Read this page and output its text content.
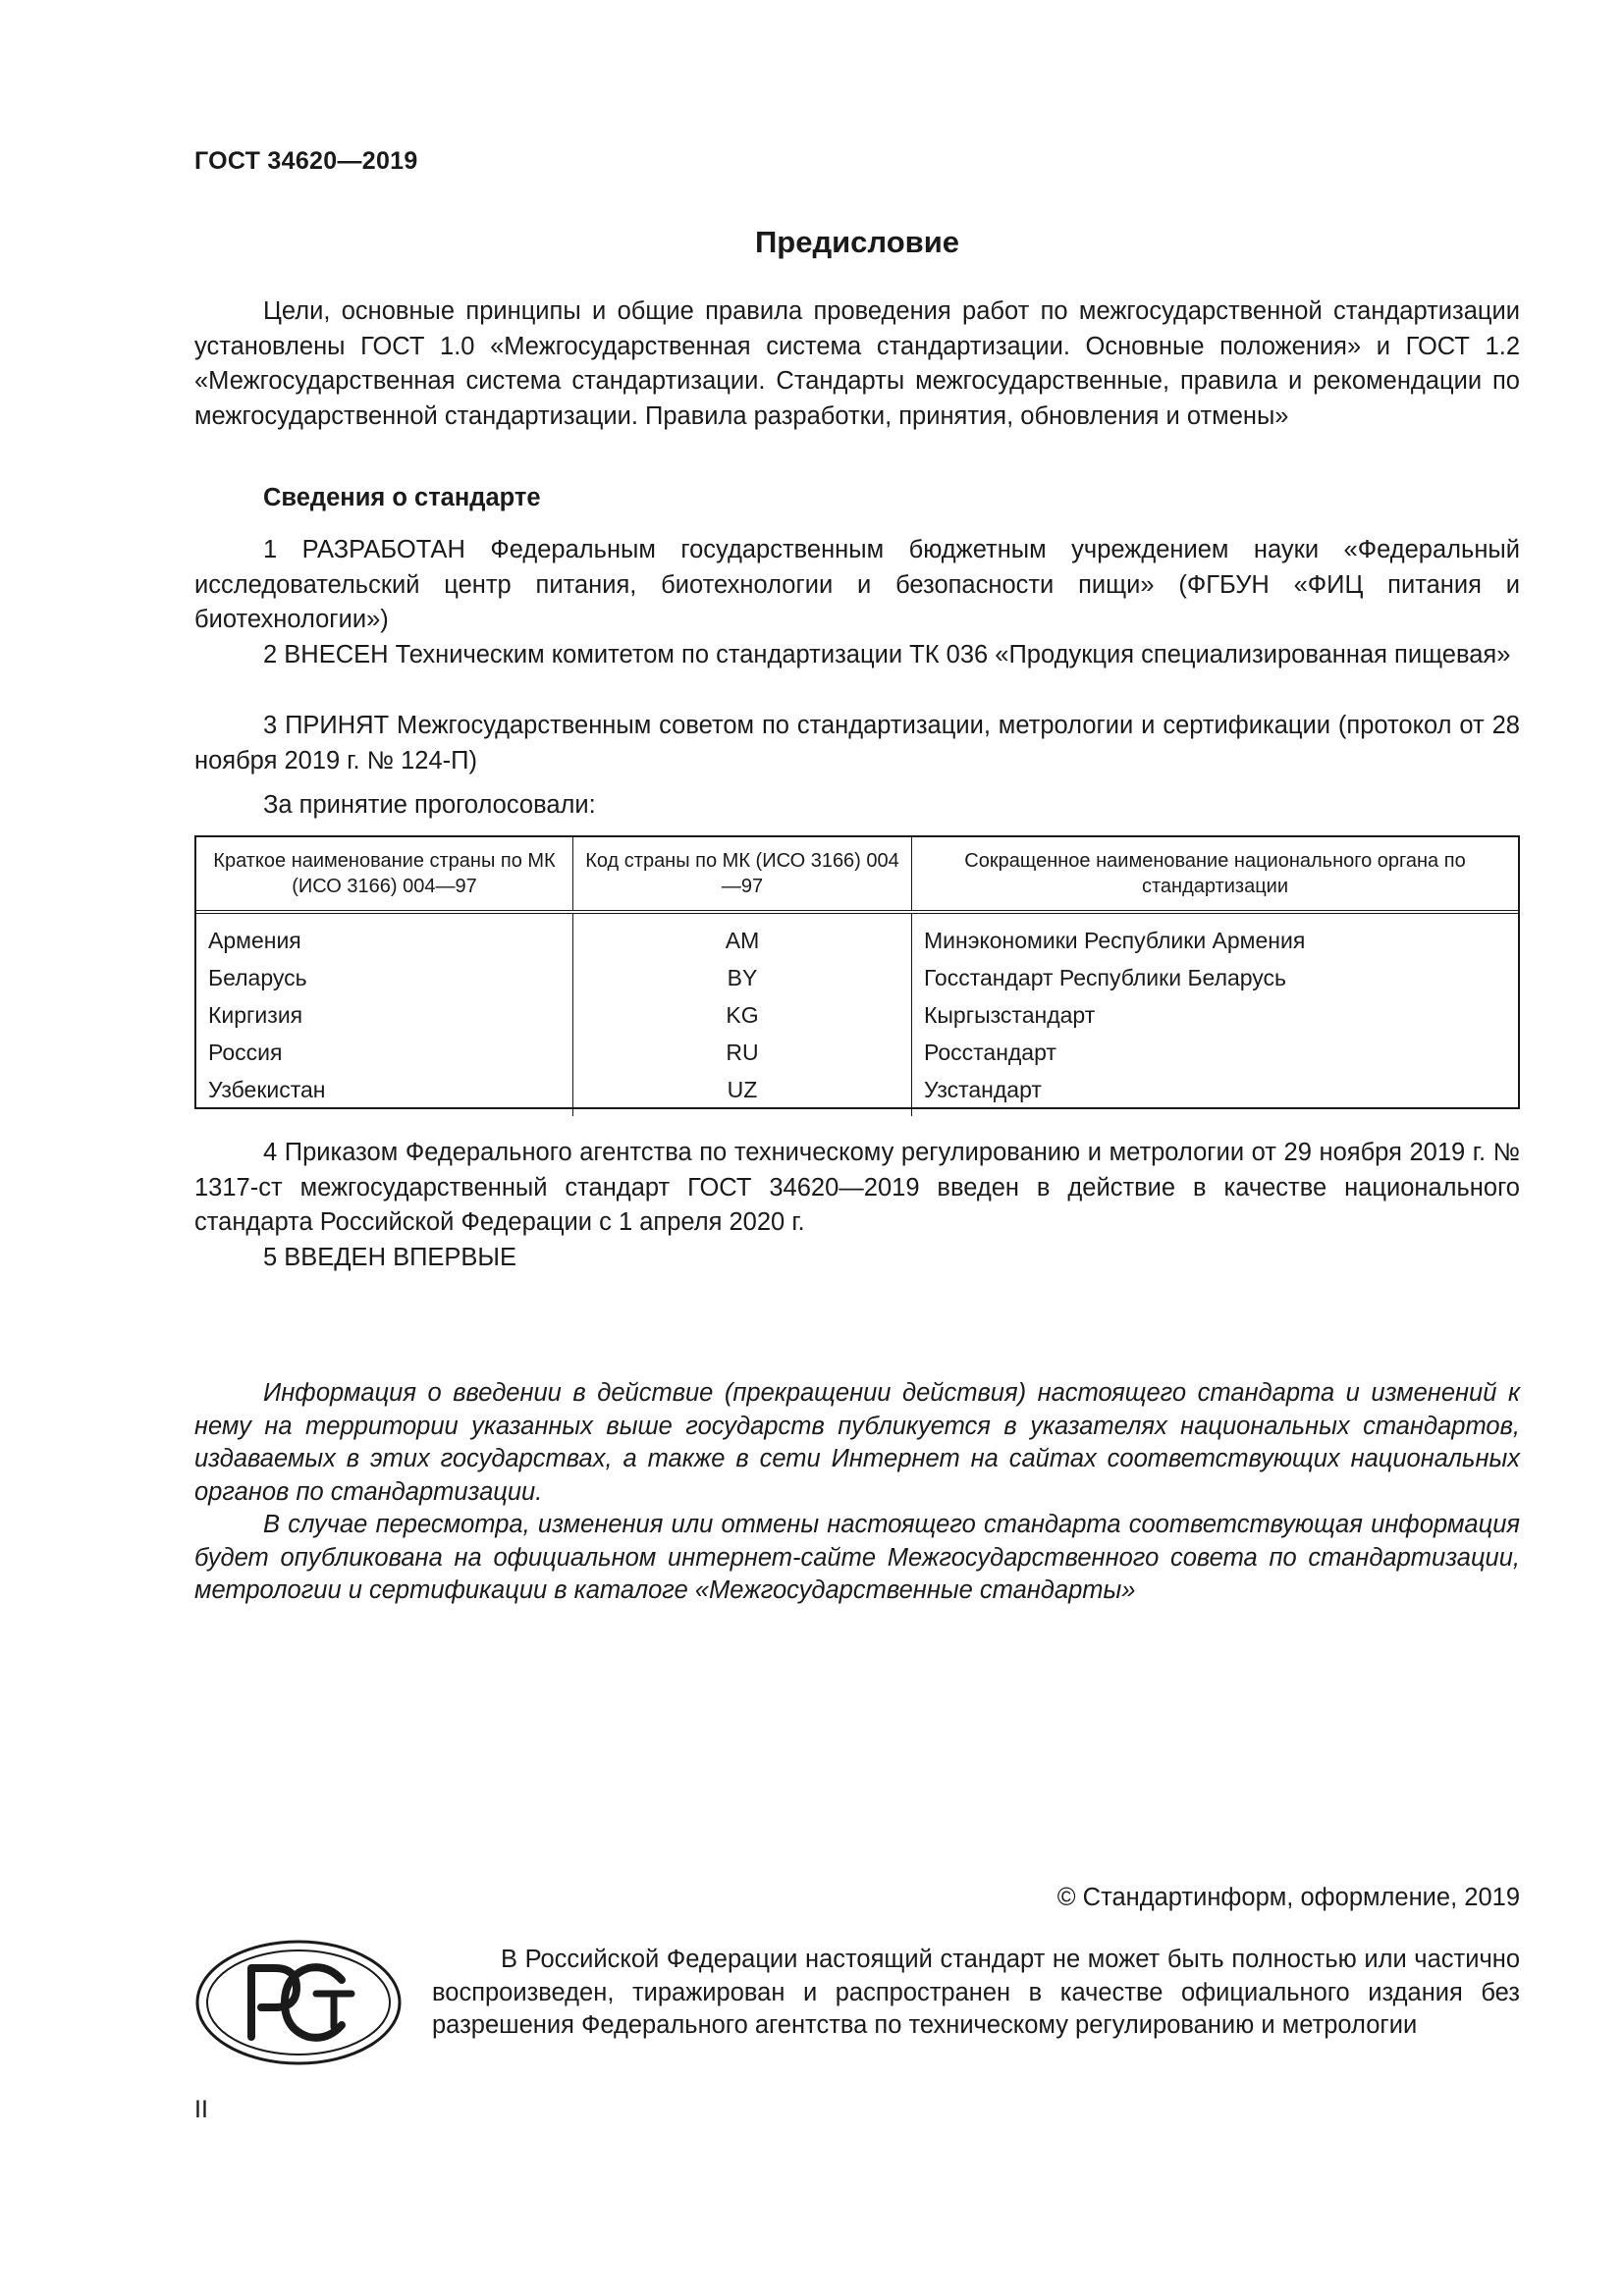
ГОСТ 34620—2019
Предисловие

Цели, основные принципы и общие правила проведения работ по межгосударственной стандартизации установлены ГОСТ 1.0 «Межгосударственная система стандартизации. Основные положения» и ГОСТ 1.2 «Межгосударственная система стандартизации. Стандарты межгосударственные, правила и рекомендации по межгосударственной стандартизации. Правила разработки, принятия, обновления и отмены»

Сведения о стандарте

1 РАЗРАБОТАН Федеральным государственным бюджетным учреждением науки «Федеральный исследовательский центр питания, биотехнологии и безопасности пищи» (ФГБУН «ФИЦ питания и биотехнологии»)

2 ВНЕСЕН Техническим комитетом по стандартизации ТК 036 «Продукция специализированная пищевая»

3 ПРИНЯТ Межгосударственным советом по стандартизации, метрологии и сертификации (протокол от 28 ноября 2019 г. № 124-П)

За принятие проголосовали:
Краткое наименование страны по МК (ИСО 3166) 004—97	Код страны по МК (ИСО 3166) 004—97	Сокращенное наименование национального органа по стандартизации
Армения	AM	Минэкономики Республики Армения
Беларусь	BY	Госстандарт Республики Беларусь
Киргизия	KG	Кыргызстандарт
Россия	RU	Росстандарт
Узбекистан	UZ	Узстандарт

4 Приказом Федерального агентства по техническому регулированию и метрологии от 29 ноября 2019 г. № 1317-ст межгосударственный стандарт ГОСТ 34620—2019 введен в действие в качестве национального стандарта Российской Федерации с 1 апреля 2020 г.

5 ВВЕДЕН ВПЕРВЫЕ

Информация о введении в действие (прекращении действия) настоящего стандарта и изменений к нему на территории указанных выше государств публикуется в указателях национальных стандартов, издаваемых в этих государствах, а также в сети Интернет на сайтах соответствующих национальных органов по стандартизации.

В случае пересмотра, изменения или отмены настоящего стандарта соответствующая информация будет опубликована на официальном интернет-сайте Межгосударственного совета по стандартизации, метрологии и сертификации в каталоге «Межгосударственные стандарты»

© Стандартинформ, оформление, 2019

В Российской Федерации настоящий стандарт не может быть полностью или частично воспроизведен, тиражирован и распространен в качестве официального издания без разрешения Федерального агентства по техническому регулированию и метрологии

II
